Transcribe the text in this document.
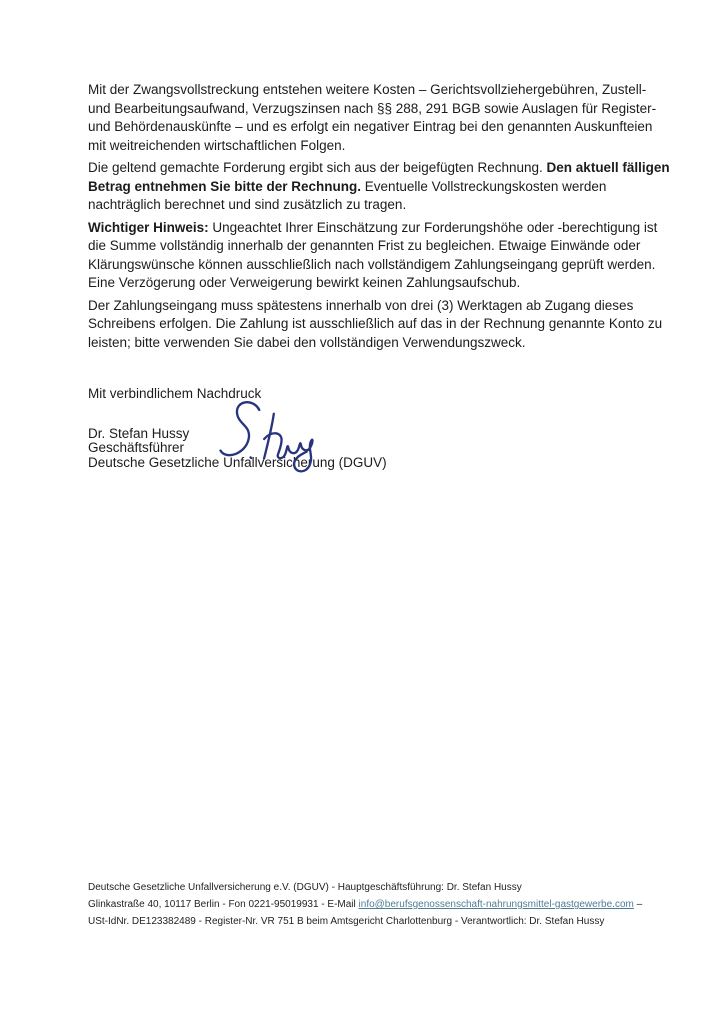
Mit der Zwangsvollstreckung entstehen weitere Kosten – Gerichtsvollziehergebühren, Zustell-
und Bearbeitungsaufwand, Verzugszinsen nach §§ 288, 291 BGB sowie Auslagen für Register-
und Behördenauskünfte – und es erfolgt ein negativer Eintrag bei den genannten Auskunfteien
mit weitreichenden wirtschaftlichen Folgen.
Die geltend gemachte Forderung ergibt sich aus der beigefügten Rechnung. Den aktuell fälligen
Betrag entnehmen Sie bitte der Rechnung. Eventuelle Vollstreckungskosten werden
nachträglich berechnet und sind zusätzlich zu tragen.
Wichtiger Hinweis: Ungeachtet Ihrer Einschätzung zur Forderungshöhe oder -berechtigung ist
die Summe vollständig innerhalb der genannten Frist zu begleichen. Etwaige Einwände oder
Klärungswünsche können ausschließlich nach vollständigem Zahlungseingang geprüft werden.
Eine Verzögerung oder Verweigerung bewirkt keinen Zahlungsaufschub.
Der Zahlungseingang muss spätestens innerhalb von drei (3) Werktagen ab Zugang dieses
Schreibens erfolgen. Die Zahlung ist ausschließlich auf das in der Rechnung genannte Konto zu
leisten; bitte verwenden Sie dabei den vollständigen Verwendungszweck.
Mit verbindlichem Nachdruck
Dr. Stefan Hussy
Geschäftsführer
Deutsche Gesetzliche Unfallversicherung (DGUV)
Deutsche Gesetzliche Unfallversicherung e.V. (DGUV) - Hauptgeschäftsführung: Dr. Stefan Hussy
Glinkastraße 40, 10117 Berlin - Fon 0221-95019931 - E-Mail info@berufsgenossenschaft-nahrungsmittel-gastgewerbe.com –
USt-IdNr. DE123382489 - Register-Nr. VR 751 B beim Amtsgericht Charlottenburg - Verantwortlich: Dr. Stefan Hussy
